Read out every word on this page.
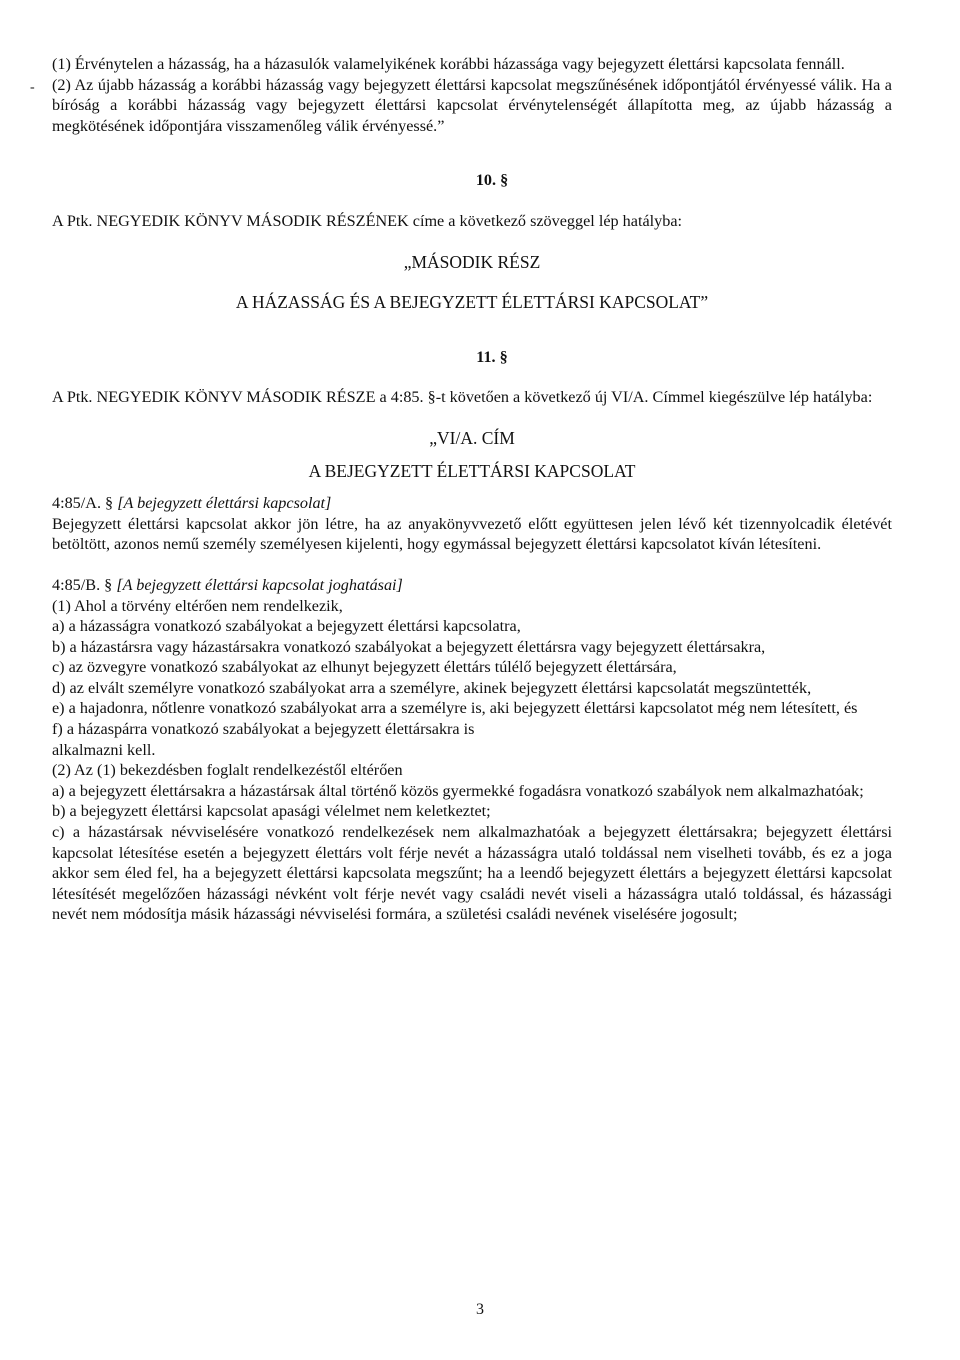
-

(1) Érvénytelen a házasság, ha a házasulók valamelyikének korábbi házassága vagy bejegyzett élettársi kapcsolata fennáll.

(2) Az újabb házasság a korábbi házasság vagy bejegyzett élettársi kapcsolat megszűnésének időpontjától érvényessé válik. Ha a bíróság a korábbi házasság vagy bejegyzett élettársi kapcsolat érvénytelenségét állapította meg, az újabb házasság a megkötésének időpontjára visszamenőleg válik érvényessé.”

10. §

A Ptk. NEGYEDIK KÖNYV MÁSODIK RÉSZÉNEK címe a következő szöveggel lép hatályba:

„MÁSODIK RÉSZ

A HÁZASSÁG ÉS A BEJEGYZETT ÉLETTÁRSI KAPCSOLAT”

11. §

A Ptk. NEGYEDIK KÖNYV MÁSODIK RÉSZE a 4:85. §-t követően a következő új VI/A. Címmel kiegészülve lép hatályba:

„VI/A. CÍM

A BEJEGYZETT ÉLETTÁRSI KAPCSOLAT

4:85/A. § [A bejegyzett élettársi kapcsolat]

Bejegyzett élettársi kapcsolat akkor jön létre, ha az anyakönyvvezető előtt együttesen jelen lévő két tizennyolcadik életévét betöltött, azonos nemű személy személyesen kijelenti, hogy egymással bejegyzett élettársi kapcsolatot kíván létesíteni.

4:85/B. § [A bejegyzett élettársi kapcsolat joghatásai]

(1) Ahol a törvény eltérően nem rendelkezik,

a) a házasságra vonatkozó szabályokat a bejegyzett élettársi kapcsolatra,

b) a házastársra vagy házastársakra vonatkozó szabályokat a bejegyzett élettársra vagy bejegyzett élettársakra,

c) az özvegyre vonatkozó szabályokat az elhunyt bejegyzett élettárs túlélő bejegyzett élettársára,

d) az elvált személyre vonatkozó szabályokat arra a személyre, akinek bejegyzett élettársi kapcsolatát megszüntették,

e) a hajadonra, nőtlenre vonatkozó szabályokat arra a személyre is, aki bejegyzett élettársi kapcsolatot még nem létesített, és

f) a házaspárra vonatkozó szabályokat a bejegyzett élettársakra is

alkalmazni kell.

(2) Az (1) bekezdésben foglalt rendelkezéstől eltérően

a) a bejegyzett élettársakra a házastársak által történő közös gyermekké fogadásra vonatkozó szabályok nem alkalmazhatóak;

b) a bejegyzett élettársi kapcsolat apasági vélelmet nem keletkeztet;

c) a házastársak névviselésére vonatkozó rendelkezések nem alkalmazhatóak a bejegyzett élettársakra; bejegyzett élettársi kapcsolat létesítése esetén a bejegyzett élettárs volt férje nevét a házasságra utaló toldással nem viselheti tovább, és ez a joga akkor sem éled fel, ha a bejegyzett élettársi kapcsolata megszűnt; ha a leendő bejegyzett élettárs a bejegyzett élettársi kapcsolat létesítését megelőzően házassági névként volt férje nevét vagy családi nevét viseli a házasságra utaló toldással, és házassági nevét nem módosítja másik házassági névviselési formára, a születési családi nevének viselésére jogosult;

3
